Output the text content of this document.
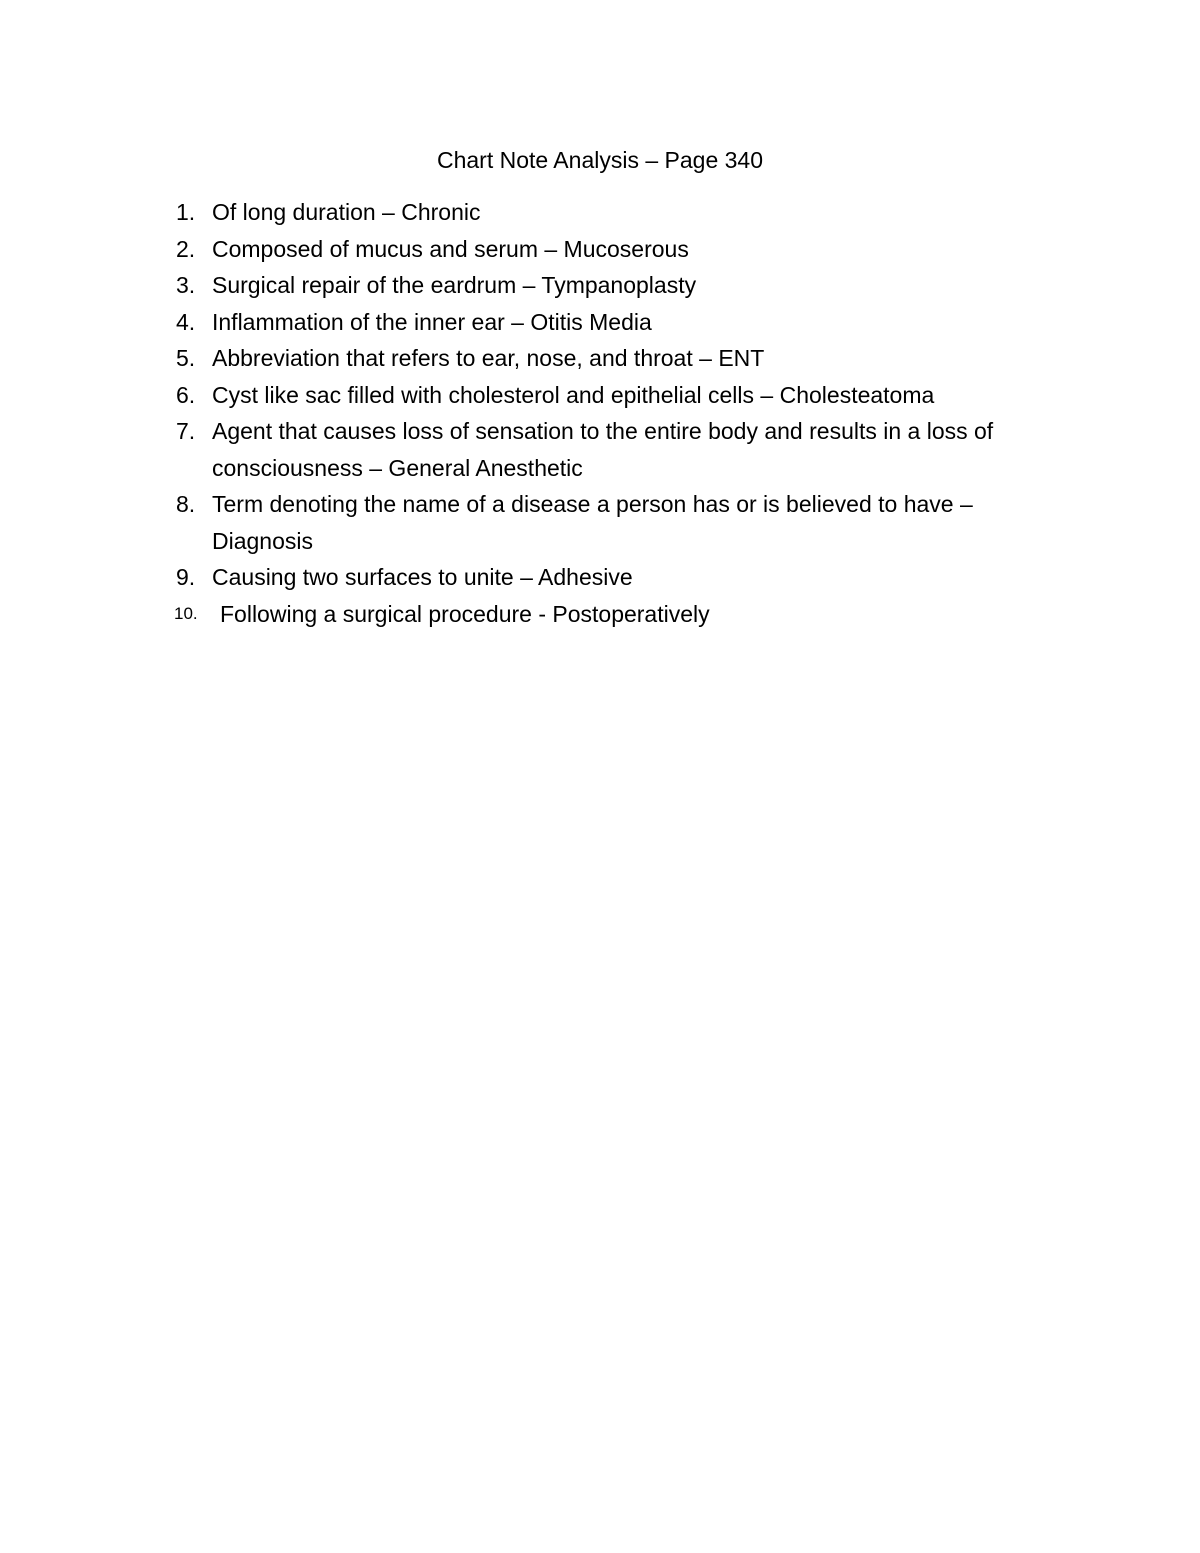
Chart Note Analysis – Page 340
1. Of long duration – Chronic
2. Composed of mucus and serum – Mucoserous
3. Surgical repair of the eardrum – Tympanoplasty
4. Inflammation of the inner ear – Otitis Media
5. Abbreviation that refers to ear, nose, and throat – ENT
6. Cyst like sac filled with cholesterol and epithelial cells – Cholesteatoma
7. Agent that causes loss of sensation to the entire body and results in a loss of consciousness – General Anesthetic
8. Term denoting the name of a disease a person has or is believed to have – Diagnosis
9. Causing two surfaces to unite – Adhesive
10. Following a surgical procedure - Postoperatively
